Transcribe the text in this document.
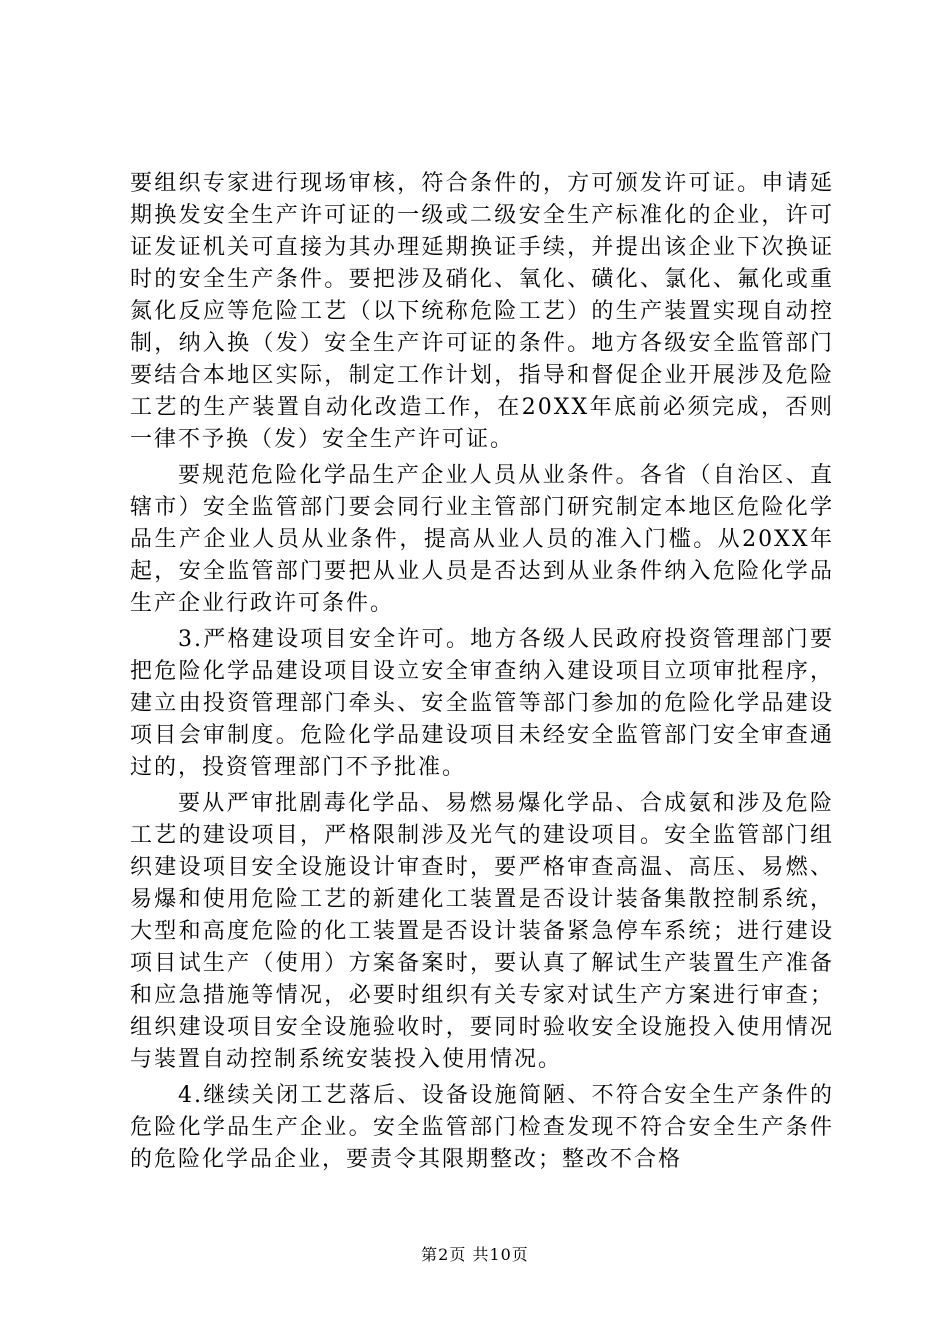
要组织专家进行现场审核，符合条件的，方可颁发许可证。申请延期换发安全生产许可证的一级或二级安全生产标准化的企业，许可证发证机关可直接为其办理延期换证手续，并提出该企业下次换证时的安全生产条件。要把涉及硝化、氧化、磺化、氯化、氟化或重氮化反应等危险工艺（以下统称危险工艺）的生产装置实现自动控制，纳入换（发）安全生产许可证的条件。地方各级安全监管部门要结合本地区实际，制定工作计划，指导和督促企业开展涉及危险工艺的生产装置自动化改造工作，在20XX年底前必须完成，否则一律不予换（发）安全生产许可证。

要规范危险化学品生产企业人员从业条件。各省（自治区、直辖市）安全监管部门要会同行业主管部门研究制定本地区危险化学品生产企业人员从业条件，提高从业人员的准入门槛。从20XX年起，安全监管部门要把从业人员是否达到从业条件纳入危险化学品生产企业行政许可条件。

3.严格建设项目安全许可。地方各级人民政府投资管理部门要把危险化学品建设项目设立安全审查纳入建设项目立项审批程序，建立由投资管理部门牵头、安全监管等部门参加的危险化学品建设项目会审制度。危险化学品建设项目未经安全监管部门安全审查通过的，投资管理部门不予批准。

要从严审批剧毒化学品、易燃易爆化学品、合成氨和涉及危险工艺的建设项目，严格限制涉及光气的建设项目。安全监管部门组织建设项目安全设施设计审查时，要严格审查高温、高压、易燃、易爆和使用危险工艺的新建化工装置是否设计装备集散控制系统，大型和高度危险的化工装置是否设计装备紧急停车系统；进行建设项目试生产（使用）方案备案时，要认真了解试生产装置生产准备和应急措施等情况，必要时组织有关专家对试生产方案进行审查；组织建设项目安全设施验收时，要同时验收安全设施投入使用情况与装置自动控制系统安装投入使用情况。

4.继续关闭工艺落后、设备设施简陋、不符合安全生产条件的危险化学品生产企业。安全监管部门检查发现不符合安全生产条件的危险化学品企业，要责令其限期整改；整改不合格

第2页 共10页
